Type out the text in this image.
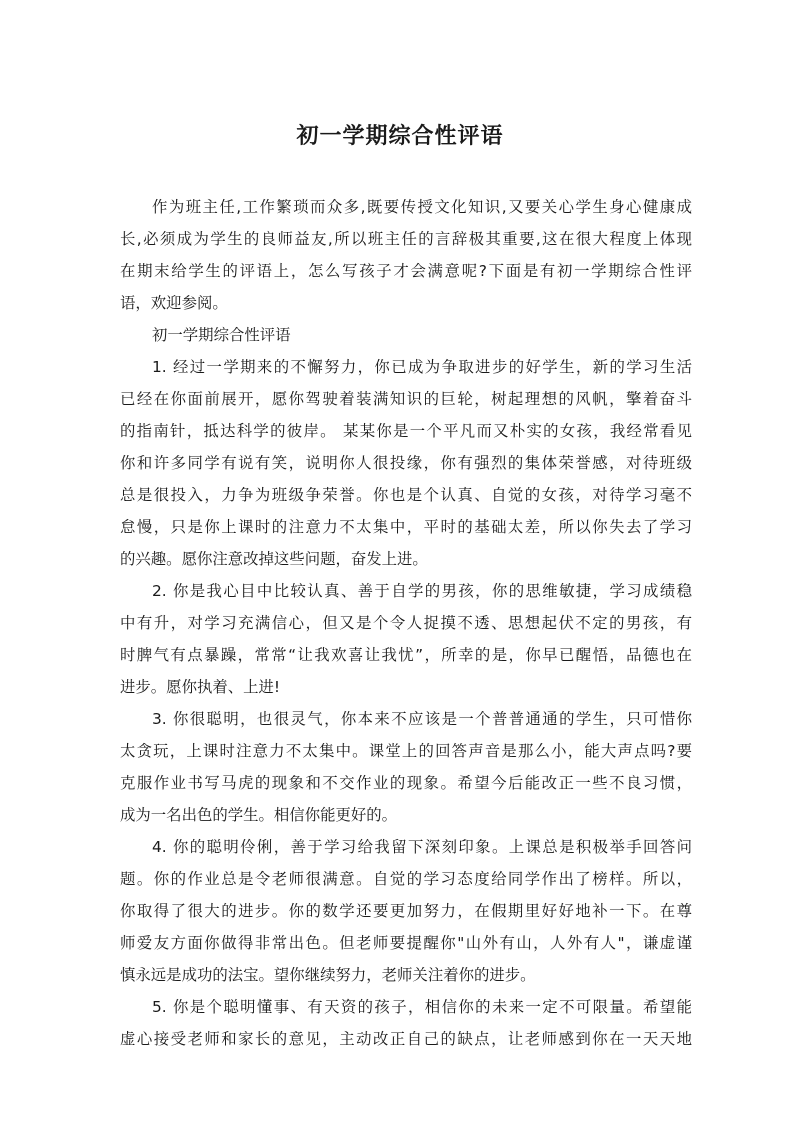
初一学期综合性评语
作为班主任,工作繁琐而众多,既要传授文化知识,又要关心学生身心健康成
长,必须成为学生的良师益友,所以班主任的言辞极其重要,这在很大程度上体现
在期末给学生的评语上，怎么写孩子才会满意呢?下面是有初一学期综合性评
语，欢迎参阅。
初一学期综合性评语
1. 经过一学期来的不懈努力，你已成为争取进步的好学生，新的学习生活
已经在你面前展开，愿你驾驶着装满知识的巨轮，树起理想的风帆，擎着奋斗
的指南针，抵达科学的彼岸。 某某你是一个平凡而又朴实的女孩，我经常看见
你和许多同学有说有笑，说明你人很投缘，你有强烈的集体荣誉感，对待班级
总是很投入，力争为班级争荣誉。你也是个认真、自觉的女孩，对待学习毫不
怠慢，只是你上课时的注意力不太集中，平时的基础太差，所以你失去了学习
的兴趣。愿你注意改掉这些问题，奋发上进。
2. 你是我心目中比较认真、善于自学的男孩，你的思维敏捷，学习成绩稳
中有升，对学习充满信心，但又是个令人捉摸不透、思想起伏不定的男孩，有
时脾气有点暴躁，常常“让我欢喜让我忧”，所幸的是，你早已醒悟，品德也在
进步。愿你执着、上进!
3. 你很聪明，也很灵气，你本来不应该是一个普普通通的学生，只可惜你
太贪玩，上课时注意力不太集中。课堂上的回答声音是那么小，能大声点吗?要
克服作业书写马虎的现象和不交作业的现象。希望今后能改正一些不良习惯，
成为一名出色的学生。相信你能更好的。
4. 你的聪明伶俐，善于学习给我留下深刻印象。上课总是积极举手回答问
题。你的作业总是令老师很满意。自觉的学习态度给同学作出了榜样。所以，
你取得了很大的进步。你的数学还要更加努力，在假期里好好地补一下。在尊
师爱友方面你做得非常出色。但老师要提醒你"山外有山，人外有人"，谦虚谨
慎永远是成功的法宝。望你继续努力，老师关注着你的进步。
5. 你是个聪明懂事、有天资的孩子，相信你的未来一定不可限量。希望能
虚心接受老师和家长的意见，主动改正自己的缺点，让老师感到你在一天天地
